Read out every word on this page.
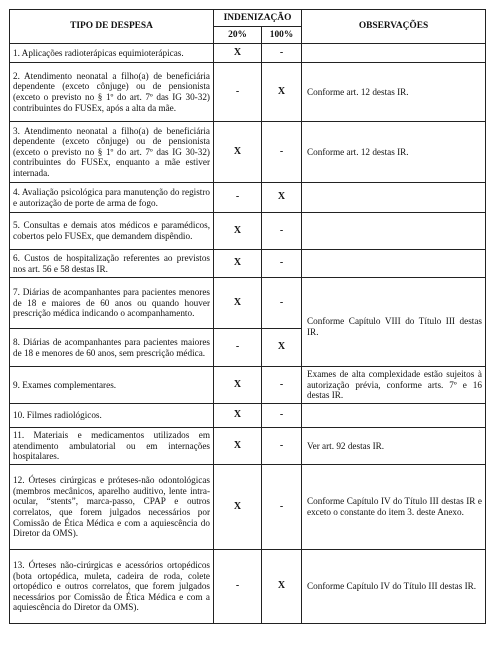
TIPO DE DESPESA	INDENIZAÇÃO		OBSERVAÇÕES
	20%	100%	
1. Aplicações radioterápicas equimioterápicas.	X	-	
2. Atendimento neonatal a filho(a) de beneficiária dependente (exceto cônjuge) ou de pensionista (exceto o previsto no § 1º do art. 7º das IG 30-32) contribuintes do FUSEx, após a alta da mãe.	-	X	Conforme art. 12 destas IR.
3. Atendimento neonatal a filho(a) de beneficiária dependente (exceto cônjuge) ou de pensionista (exceto o previsto no § 1º do art. 7º das IG 30-32) contribuintes do FUSEx, enquanto a mãe estiver internada.	X	-	Conforme art. 12 destas IR.
4. Avaliação psicológica para manutenção do registro e autorização de porte de arma de fogo.	-	X	
5. Consultas e demais atos médicos e paramédicos, cobertos pelo FUSEx, que demandem dispêndio.	X	-	
6. Custos de hospitalização referentes ao previstos nos art. 56 e 58 destas IR.	X	-	
7. Diárias de acompanhantes para pacientes menores de 18 e maiores de 60 anos ou quando houver prescrição médica indicando o acompanhamento.	X	-	Conforme Capítulo VIII do Título III destas IR.

8. Diárias de acompanhantes para pacientes maiores de 18 e menores de 60 anos, sem prescrição médica.	-	X	
9. Exames complementares.	X	-	Exames de alta complexidade estão sujeitos à autorização prévia, conforme arts. 7º e 16 destas IR.
10. Filmes radiológicos.	X	-	
11. Materiais e medicamentos utilizados em atendimento ambulatorial ou em internações hospitalares.	X	-	Ver art. 92 destas IR.
12. Órteses cirúrgicas e próteses-não odontológicas (membros mecânicos, aparelho auditivo, lente intra-ocular, “stents”, marca-passo, CPAP e outros correlatos, que forem julgados necessários por Comissão de Ética Médica e com a aquiescência do Diretor da OMS).	X	-	Conforme Capítulo IV do Título III destas IR e exceto o constante do item 3. deste Anexo.
13. Órteses não-cirúrgicas e acessórios ortopédicos (bota ortopédica, muleta, cadeira de roda, colete ortopédico e outros correlatos, que forem julgados necessários por Comissão de Ética Médica e com a aquiescência do Diretor da OMS).	-	X	Conforme Capítulo IV do Título III destas IR.
